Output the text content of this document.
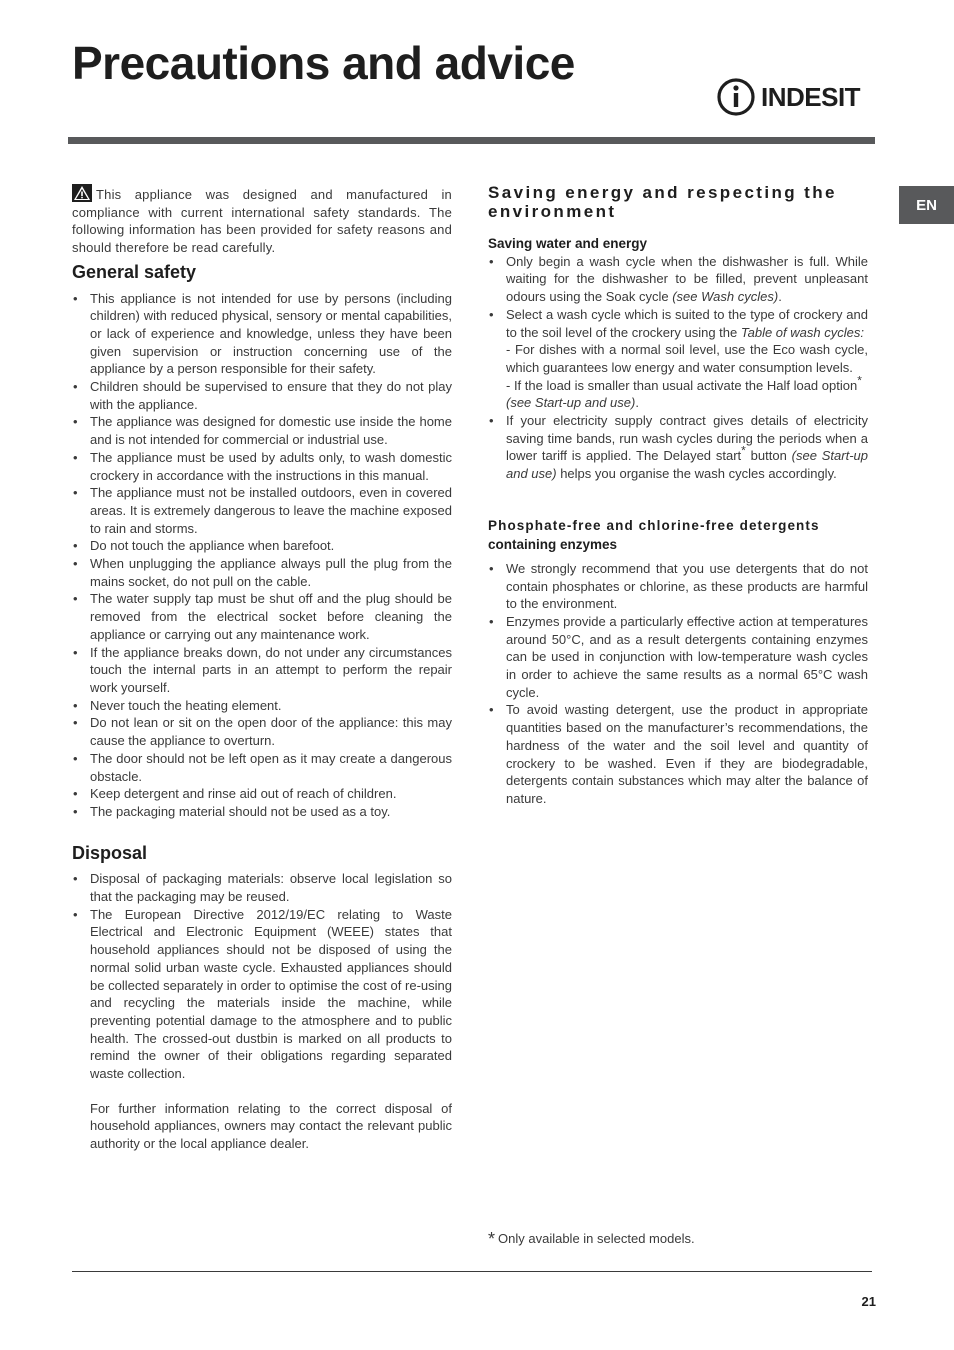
Precautions and advice
INDESIT
EN

This appliance was designed and manufactured in compliance with current international safety standards. The following information has been provided for safety reasons and should therefore be read carefully.

General safety
• This appliance is not intended for use by persons (including children) with reduced physical, sensory or mental capabilities, or lack of experience and knowledge, unless they have been given supervision or instruction concerning use of the appliance by a person responsible for their safety.
• Children should be supervised to ensure that they do not play with the appliance.
• The appliance was designed for domestic use inside the home and is not intended for commercial or industrial use.
• The appliance must be used by adults only, to wash domestic crockery in accordance with the instructions in this manual.
• The appliance must not be installed outdoors, even in covered areas. It is extremely dangerous to leave the machine exposed to rain and storms.
• Do not touch the appliance when barefoot.
• When unplugging the appliance always pull the plug from the mains socket, do not pull on the cable.
• The water supply tap must be shut off and the plug should be removed from the electrical socket before cleaning the appliance or carrying out any maintenance work.
• If the appliance breaks down, do not under any circumstances touch the internal parts in an attempt to perform the repair work yourself.
• Never touch the heating element.
• Do not lean or sit on the open door of the appliance: this may cause the appliance to overturn.
• The door should not be left open as it may create a dangerous obstacle.
• Keep detergent and rinse aid out of reach of children.
• The packaging material should not be used as a toy.
Disposal
• Disposal of packaging materials: observe local legislation so that the packaging may be reused.
• The European Directive 2012/19/EC relating to Waste Electrical and Electronic Equipment (WEEE) states that household appliances should not be disposed of using the normal solid urban waste cycle. Exhausted appliances should be collected separately in order to optimise the cost of re-using and recycling the materials inside the machine, while preventing potential damage to the atmosphere and to public health. The crossed-out dustbin is marked on all products to remind the owner of their obligations regarding separated waste collection.

For further information relating to the correct disposal of household appliances, owners may contact the relevant public authority or the local appliance dealer.

Saving energy and respecting the environment
Saving water and energy
• Only begin a wash cycle when the dishwasher is full. While waiting for the dishwasher to be filled, prevent unpleasant odours using the Soak cycle (see Wash cycles).
• Select a wash cycle which is suited to the type of crockery and to the soil level of the crockery using the Table of wash cycles:
- For dishes with a normal soil level, use the Eco wash cycle, which guarantees low energy and water consumption levels.
- If the load is smaller than usual activate the Half load option*
(see Start-up and use).
• If your electricity supply contract gives details of electricity saving time bands, run wash cycles during the periods when a lower tariff is applied. The Delayed start* button (see Start-up and use) helps you organise the wash cycles accordingly.
Phosphate-free and chlorine-free detergents
containing enzymes
• We strongly recommend that you use detergents that do not contain phosphates or chlorine, as these products are harmful to the environment.
• Enzymes provide a particularly effective action at temperatures around 50°C, and as a result detergents containing enzymes can be used in conjunction with low-temperature wash cycles in order to achieve the same results as a normal 65°C wash cycle.
• To avoid wasting detergent, use the product in appropriate quantities based on the manufacturer’s recommendations, the hardness of the water and the soil level and quantity of crockery to be washed. Even if they are biodegradable, detergents contain substances which may alter the balance of nature.
* Only available in selected models.
21
